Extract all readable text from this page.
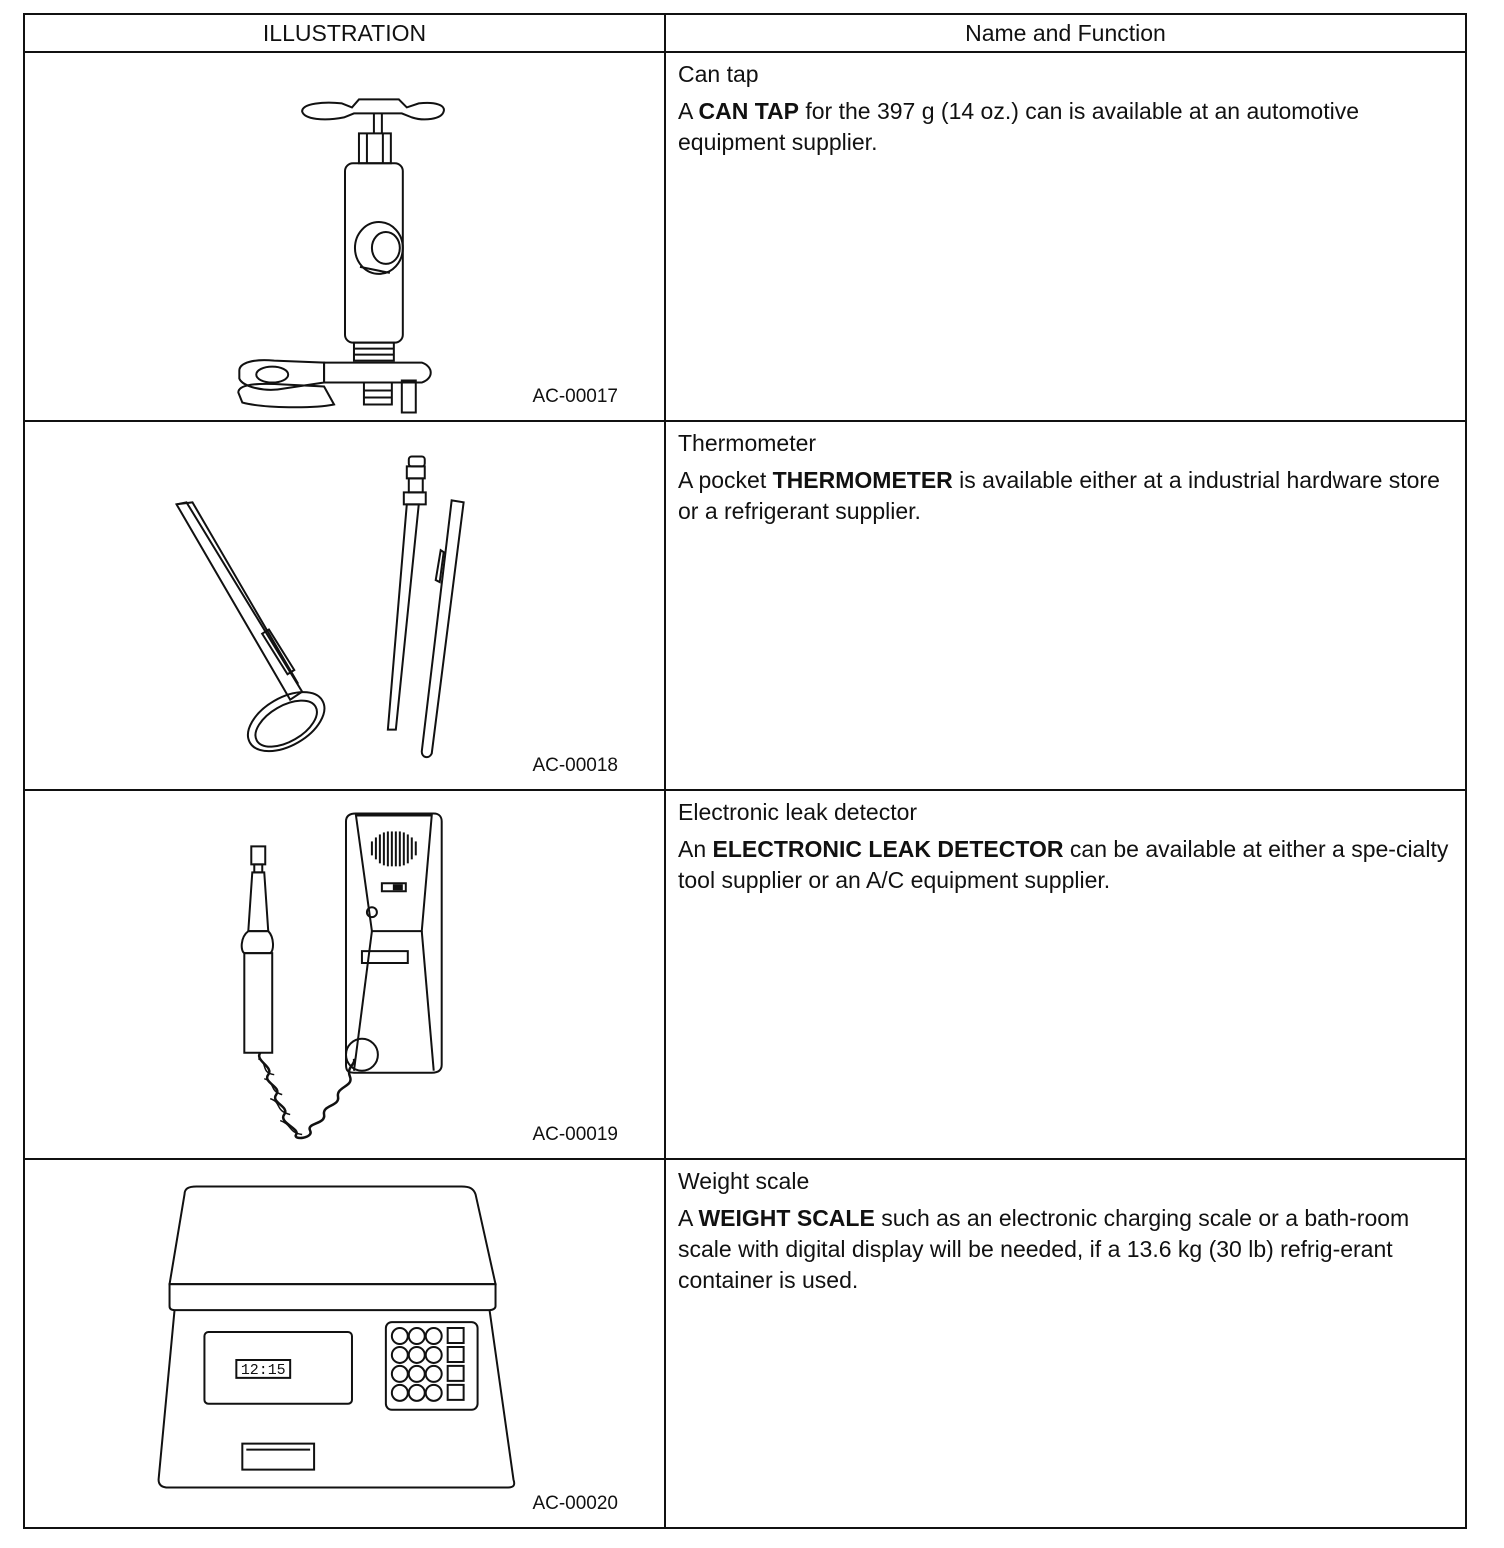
ILLUSTRATION	Name and Function

AC-00017	Can tap

A CAN TAP for the 397 g (14 oz.) can is available at an automotive equipment supplier.

AC-00018	Thermometer

A pocket THERMOMETER is available either at a industrial hardware store or a refrigerant supplier.

AC-00019	Electronic leak detector

An ELECTRONIC LEAK DETECTOR can be available at either a spe-cialty tool supplier or an A/C equipment supplier.

12:15
AC-00020	Weight scale

A WEIGHT SCALE such as an electronic charging scale or a bath-room scale with digital display will be needed, if a 13.6 kg (30 lb) refrig-erant container is used.
